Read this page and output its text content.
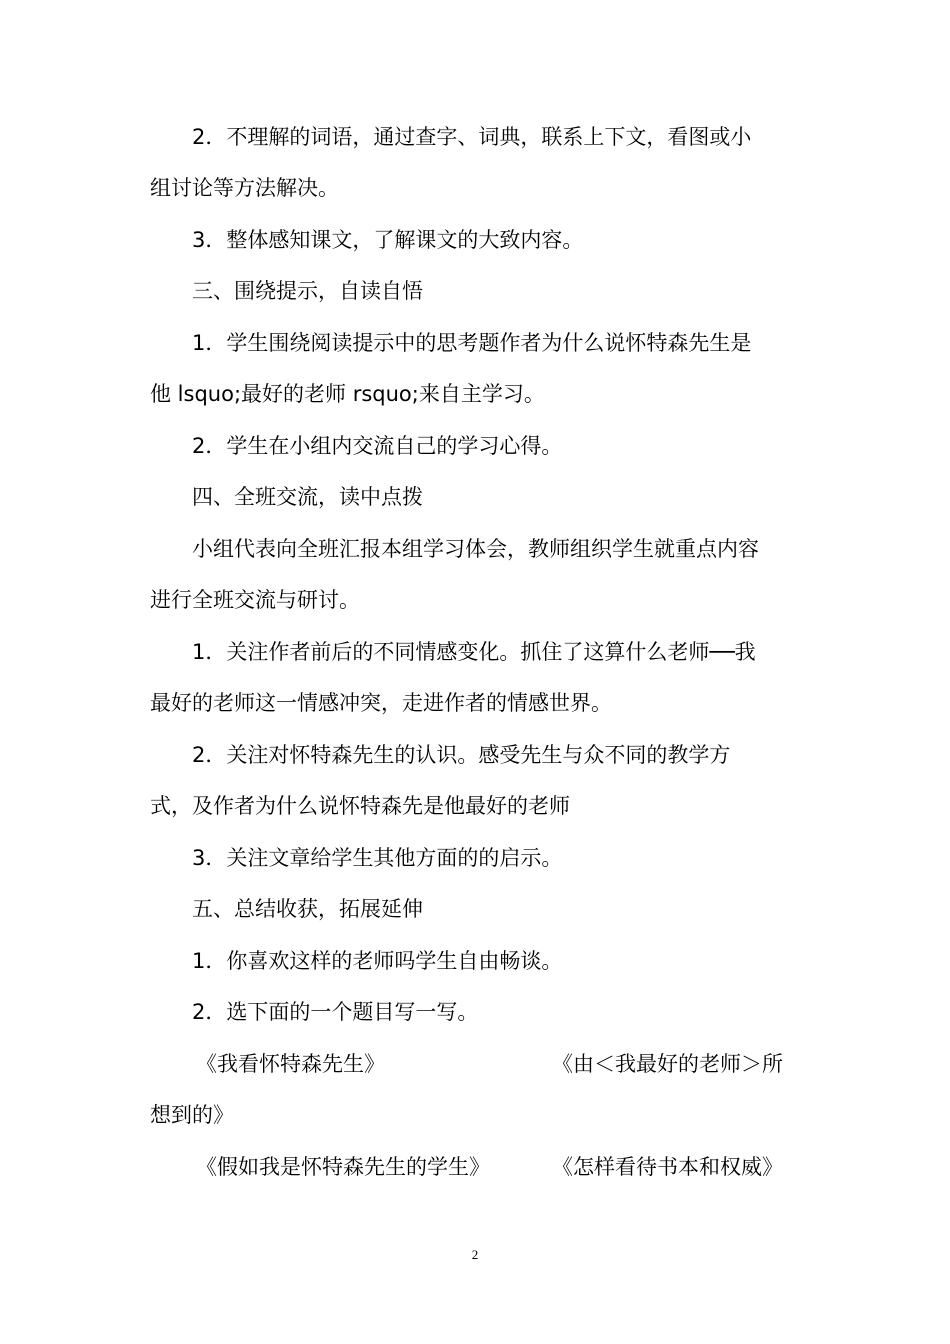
2．不理解的词语，通过查字、词典，联系上下文，看图或小
组讨论等方法解决。
3．整体感知课文，了解课文的大致内容。
三、围绕提示，自读自悟
1．学生围绕阅读提示中的思考题作者为什么说怀特森先生是
他 lsquo;最好的老师 rsquo;来自主学习。
2．学生在小组内交流自己的学习心得。
四、全班交流，读中点拨
小组代表向全班汇报本组学习体会，教师组织学生就重点内容
进行全班交流与研讨。
1．关注作者前后的不同情感变化。抓住了这算什么老师──我
最好的老师这一情感冲突，走进作者的情感世界。
2．关注对怀特森先生的认识。感受先生与众不同的教学方
式，及作者为什么说怀特森先是他最好的老师
3．关注文章给学生其他方面的的启示。
五、总结收获，拓展延伸
1．你喜欢这样的老师吗学生自由畅谈。
2．选下面的一个题目写一写。
《我看怀特森先生》	《由＜我最好的老师＞所
想到的》
《假如我是怀特森先生的学生》	《怎样看待书本和权威》
2
